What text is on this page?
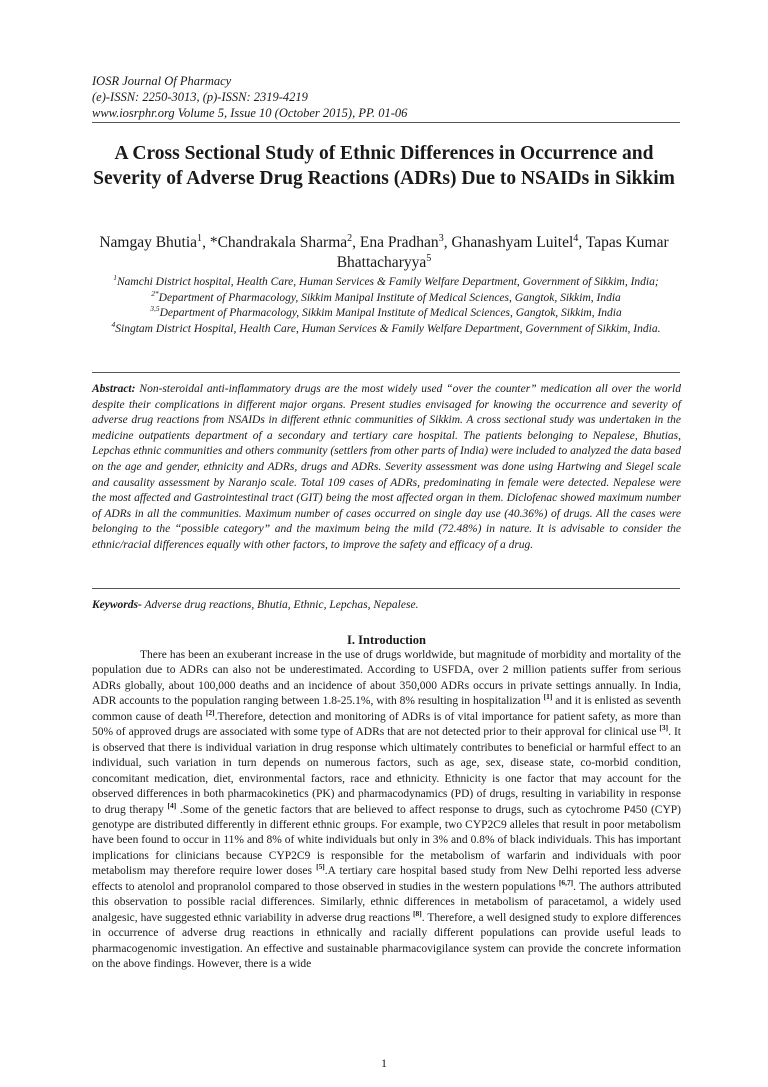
IOSR Journal Of Pharmacy
(e)-ISSN: 2250-3013, (p)-ISSN: 2319-4219
www.iosrphr.org Volume 5, Issue 10 (October 2015), PP. 01-06
A Cross Sectional Study of Ethnic Differences in Occurrence and Severity of Adverse Drug Reactions (ADRs) Due to NSAIDs in Sikkim
Namgay Bhutia$^1$, *Chandrakala Sharma$^2$, Ena Pradhan$^3$, Ghanashyam Luitel$^4$, Tapas Kumar Bhattacharyya$^5$

$^1$Namchi District hospital, Health Care, Human Services & Family Welfare Department, Government of Sikkim, India;

$^{2*}$Department of Pharmacology, Sikkim Manipal Institute of Medical Sciences, Gangtok, Sikkim, India

$^{3,5}$Department of Pharmacology, Sikkim Manipal Institute of Medical Sciences, Gangtok, Sikkim, India

$^4$Singtam District Hospital, Health Care, Human Services & Family Welfare Department, Government of Sikkim, India.

Abstract: Non-steroidal anti-inflammatory drugs are the most widely used “over the counter” medication all over the world despite their complications in different major organs. Present studies envisaged for knowing the occurrence and severity of adverse drug reactions from NSAIDs in different ethnic communities of Sikkim. A cross sectional study was undertaken in the medicine outpatients department of a secondary and tertiary care hospital. The patients belonging to Nepalese, Bhutias, Lepchas ethnic communities and others community (settlers from other parts of India) were included to analyzed the data based on the age and gender, ethnicity and ADRs, drugs and ADRs. Severity assessment was done using Hartwing and Siegel scale and causality assessment by Naranjo scale. Total 109 cases of ADRs, predominating in female were detected. Nepalese were the most affected and Gastrointestinal tract (GIT) being the most affected organ in them. Diclofenac showed maximum number of ADRs in all the communities. Maximum number of cases occurred on single day use (40.36%) of drugs. All the cases were belonging to the “possible category” and the maximum being the mild (72.48%) in nature. It is advisable to consider the ethnic/racial differences equally with other factors, to improve the safety and efficacy of a drug.
Keywords- Adverse drug reactions, Bhutia, Ethnic, Lepchas, Nepalese.
I. Introduction
There has been an exuberant increase in the use of drugs worldwide, but magnitude of morbidity and mortality of the population due to ADRs can also not be underestimated. According to USFDA, over 2 million patients suffer from serious ADRs globally, about 100,000 deaths and an incidence of about 350,000 ADRs occurs in private settings annually. In India, ADR accounts to the population ranging between 1.8-25.1%, with 8% resulting in hospitalization [1] and it is enlisted as seventh common cause of death [2].Therefore, detection and monitoring of ADRs is of vital importance for patient safety, as more than 50% of approved drugs are associated with some type of ADRs that are not detected prior to their approval for clinical use [3]. It is observed that there is individual variation in drug response which ultimately contributes to beneficial or harmful effect to an individual, such variation in turn depends on numerous factors, such as age, sex, disease state, co-morbid condition, concomitant medication, diet, environmental factors, race and ethnicity. Ethnicity is one factor that may account for the observed differences in both pharmacokinetics (PK) and pharmacodynamics (PD) of drugs, resulting in variability in response to drug therapy [4] .Some of the genetic factors that are believed to affect response to drugs, such as cytochrome P450 (CYP) genotype are distributed differently in different ethnic groups. For example, two CYP2C9 alleles that result in poor metabolism have been found to occur in 11% and 8% of white individuals but only in 3% and 0.8% of black individuals. This has important implications for clinicians because CYP2C9 is responsible for the metabolism of warfarin and individuals with poor metabolism may therefore require lower doses [5].A tertiary care hospital based study from New Delhi reported less adverse effects to atenolol and propranolol compared to those observed in studies in the western populations [6,7]. The authors attributed this observation to possible racial differences. Similarly, ethnic differences in metabolism of paracetamol, a widely used analgesic, have suggested ethnic variability in adverse drug reactions [8]. Therefore, a well designed study to explore differences in occurrence of adverse drug reactions in ethnically and racially different populations can provide useful leads to pharmacogenomic investigation. An effective and sustainable pharmacovigilance system can provide the concrete information on the above findings. However, there is a wide
1
